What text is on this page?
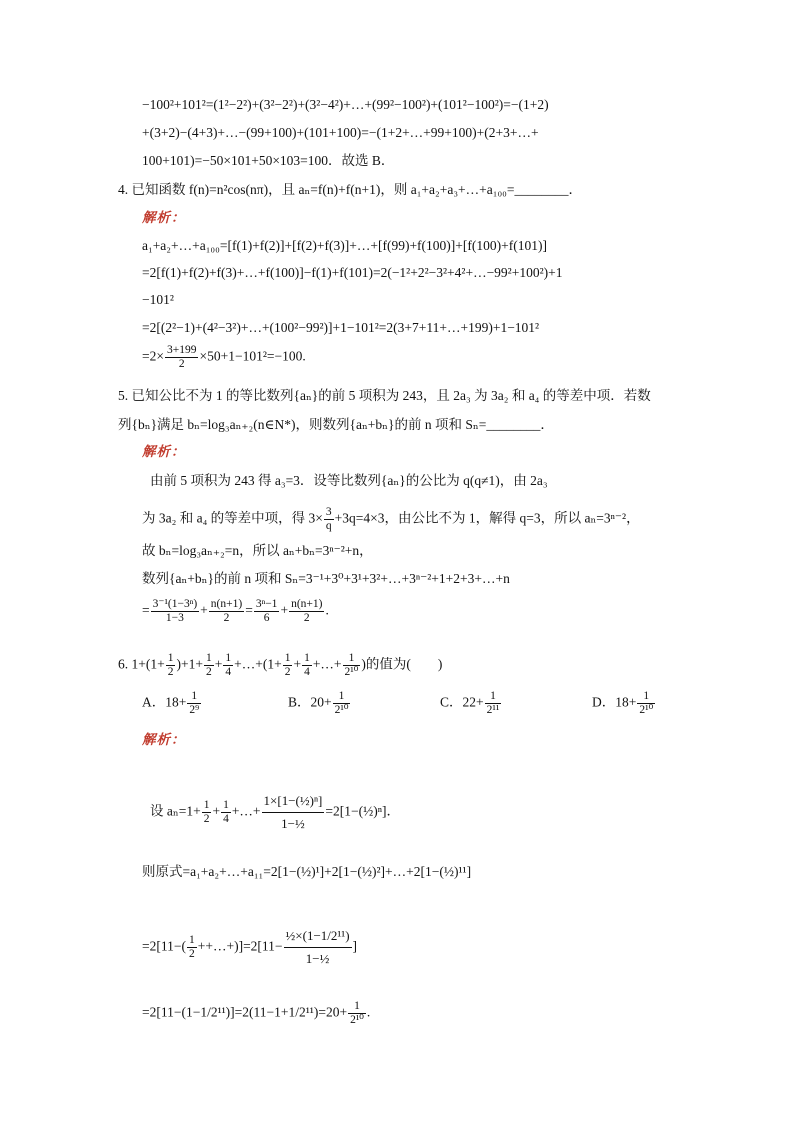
−100²+101²=(1²−2²)+(3²−2²)+(3²−4²)+…+(99²−100²)+(101²−100²)=−(1+2)
+(3+2)−(4+3)+…−(99+100)+(101+100)=−(1+2+…+99+100)+(2+3+…+
100+101)=−50×101+50×103=100．故选 B．
4. 已知函数 f(n)=n²cos(nπ)，且 aₙ=f(n)+f(n+1)，则 a₁+a₂+a₃+…+a₁₀₀=________．
解析：
a₁+a₂+…+a₁₀₀=[f(1)+f(2)]+[f(2)+f(3)]+…+[f(99)+f(100)]+[f(100)+f(101)]
=2[f(1)+f(2)+f(3)+…+f(100)]−f(1)+f(101)=2(−1²+2²−3²+4²+…−99²+100²)+1
−101²
=2[(2²−1)+(4²−3²)+…+(100²−99²)]+1−101²=2(3+7+11+…+199)+1−101²
$=2\times \frac{3+199}{2} \times 50+1-101^2=-100$.
5. 已知公比不为 1 的等比数列{aₙ}的前 5 项积为 243，且 2a₃ 为 3a₂ 和 a₄ 的等差中项．若数
列{bₙ}满足 bₙ=log₃aₙ₊₂(n∈N*)，则数列{aₙ+bₙ}的前 n 项和 Sₙ=________．
解析：
由前 5 项积为 243 得 a₃=3．设等比数列{aₙ}的公比为 q(q≠1)，由 2a₃
为 3a₂ 和 a₄ 的等差中项，得 $3\times \frac{3}{q} +3q=4\times 3$，由公比不为 1，解得 q=3，所以 aₙ=3ⁿ⁻²，
故 bₙ=log₃aₙ₊₂=n，所以 aₙ+bₙ=3ⁿ⁻²+n，
数列{aₙ+bₙ}的前 n 项和 Sₙ=3⁻¹+3⁰+3¹+3²+…+3ⁿ⁻²+1+2+3+…+n
= $\frac{\text{3⁻¹(1−3ⁿ)}}{1-3} + \frac{n(n+1)}{2} = \frac{\text{3ⁿ−1}}{6} + \frac{n(n+1)}{2}$ .
6. $1+(1+ \frac{1}{2} )+1+ \frac{1}{2} + \frac{1}{4}$ +…+(1+ $\frac{1}{2} + \frac{1}{4}$ +…+ $\frac{1}{\text{2¹⁰}}$ )的值为(　　)
A．$18+ \frac{1}{\text{2⁹}}$	B．$20+ \frac{1}{\text{2¹⁰}}$	C．$22+ \frac{1}{\text{2¹¹}}$	D．$18+ \frac{1}{\text{2¹⁰}}$
解析：
设 $a_n=1+ \frac{1}{2} + \frac{1}{4}$ +…+ $\frac{\text{1×[1−(½)ⁿ]}}{\text{1−½}}$ =2[1−(½)ⁿ]．
则原式=a₁+a₂+…+a₁₁=2[1−(½)¹]+2[1−(½)²]+…+2[1−(½)¹¹]
$=2[11-( \frac{1}{2}$ ++…+)]=2[11− $\frac{\text{½×(1−1/2¹¹)}}{\text{1−½}}$ ]
$=2[11-(1-1/2^{11})]=2(11-1+1/2^{11})=20+ \frac{1}{\text{2¹⁰}}$ .
